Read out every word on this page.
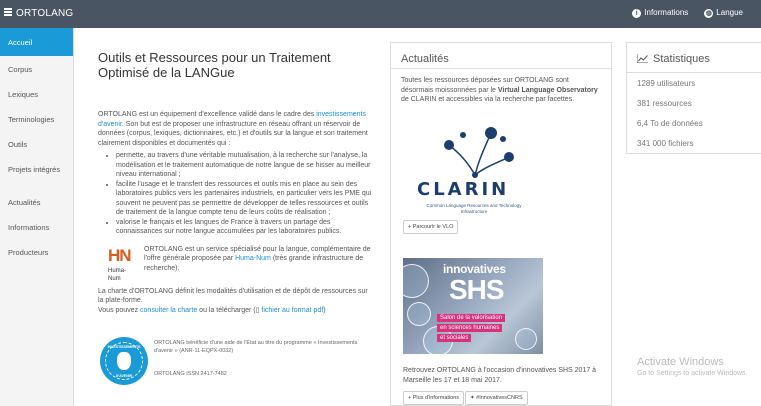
ORTOLANG	i Informations ◍ Langue
Accueil
Corpus
Lexiques
Terminologies
Outils
Projets intégrés
Actualités
Informations
Producteurs
Outils et Ressources pour un Traitement Optimisé de la LANGue

ORTOLANG est un équipement d'excellence validé dans le cadre des investissements d'avenir. Son but est de proposer une infrastructure en réseau offrant un réservoir de données (corpus, lexiques, dictionnaires, etc.) et d'outils sur la langue et son traitement clairement disponibles et documentés qui :

• permette, au travers d'une véritable mutualisation, à la recherche sur l'analyse, la modélisation et le traitement automatique de notre langue de se hisser au meilleur niveau international ;
• facilite l'usage et le transfert des ressources et outils mis en place au sein des laboratoires publics vers les partenaires industriels, en particulier vers les PME qui souvent ne peuvent pas se permettre de développer de telles ressources et outils de traitement de la langue compte tenu de leurs coûts de réalisation ;
• valorise le français et les langues de France à travers un partage des connaissances sur notre langue accumulées par les laboratoires publics.
HN
Huma-Num

ORTOLANG est un service spécialisé pour la langue, complémentaire de l'offre générale proposée par Huma-Num (très grande infrastructure de recherche).

La charte d'ORTOLANG définit les modalités d'utilisation et de dépôt de ressources sur la plate-forme.

Vous pouvez consulter la charte ou la télécharger (▯ fichier au format pdf)

INVESTISSEMENTS
D'AVENIR

ORTOLANG bénéficie d'une aide de l'État au titre du programme « Investissements d'avenir » (ANR-11-EQPX-0032)

ORTOLANG ISSN 2417-7482

Actualités

Toutes les ressources déposées sur ORTOLANG sont désormais moissonnées par le Virtual Language Observatory de CLARIN et accessibles via la recherche par facettes.

CLARIN
Common Language Resources and Technology Infrastructure
+ Parcourir le VLO
innovatives
SHS
Salon de la valorisation
en sciences humaines
et sociales

Retrouvez ORTOLANG à l'occasion d'innovatives SHS 2017 à Marseille les 17 et 18 mai 2017.

+ Plus d'informations	✦ #InnovativesCNRS
Statistiques
1289 utilisateurs
381 ressources
6,4 To de données
341 000 fichiers
Activate Windows
Go to Settings to activate Windows.
